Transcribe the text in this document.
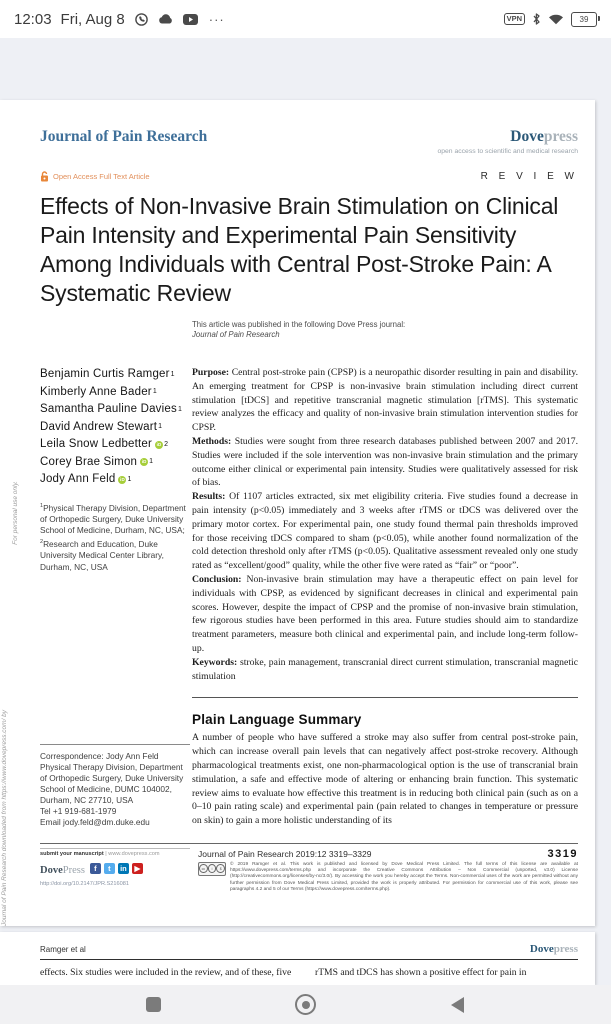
12:03 Fri, Aug 8	···	VPN	39
Journal of Pain Research downloaded from https://www.dovepress.com/ by
For personal use only.
Journal of Pain Research	Dovepress
open access to scientific and medical research
Open Access Full Text Article	R E V I E W
Effects of Non-Invasive Brain Stimulation on Clinical Pain Intensity and Experimental Pain Sensitivity Among Individuals with Central Post-Stroke Pain: A Systematic Review
This article was published in the following Dove Press journal:
Journal of Pain Research
Benjamin Curtis Ramger 1
Kimberly Anne Bader 1
Samantha Pauline Davies 1
David Andrew Stewart 1
Leila Snow Ledbetter	iD 2
Corey Brae Simon	iD 1
Jody Ann Feld	iD 1
$^1$Physical Therapy Division, Department of Orthopedic Surgery, Duke University School of Medicine, Durham, NC, USA; $^2$Research and Education, Duke University Medical Center Library, Durham, NC, USA
Correspondence: Jody Ann Feld
Physical Therapy Division, Department of Orthopedic Surgery, Duke University School of Medicine, DUMC 104002, Durham, NC 27710, USA
Tel +1 919-681-1979
Email jody.feld@dm.duke.edu

Purpose: Central post-stroke pain (CPSP) is a neuropathic disorder resulting in pain and disability. An emerging treatment for CPSP is non-invasive brain stimulation including direct current stimulation [tDCS] and repetitive transcranial magnetic stimulation [rTMS]. This systematic review analyzes the efficacy and quality of non-invasive brain stimulation intervention studies for CPSP.

Methods: Studies were sought from three research databases published between 2007 and 2017. Studies were included if the sole intervention was non-invasive brain stimulation and the primary outcome either clinical or experimental pain intensity. Studies were qualitatively assessed for risk of bias.

Results: Of 1107 articles extracted, six met eligibility criteria. Five studies found a decrease in pain intensity (p<0.05) immediately and 3 weeks after rTMS or tDCS was delivered over the primary motor cortex. For experimental pain, one study found thermal pain thresholds improved for those receiving tDCS compared to sham (p<0.05), while another found normalization of the cold detection threshold only after rTMS (p<0.05). Qualitative assessment revealed only one study rated as “excellent/good” quality, while the other five were rated as “fair” or “poor”.

Conclusion: Non-invasive brain stimulation may have a therapeutic effect on pain level for individuals with CPSP, as evidenced by significant decreases in clinical and experimental pain scores. However, despite the impact of CPSP and the promise of non-invasive brain stimulation, few rigorous studies have been performed in this area. Future studies should aim to standardize treatment parameters, measure both clinical and experimental pain, and include long-term follow-up.

Keywords: stroke, pain management, transcranial direct current stimulation, transcranial magnetic stimulation

Plain Language Summary
A number of people who have suffered a stroke may also suffer from central post-stroke pain, which can increase overall pain levels that can negatively affect post-stroke recovery. Although pharmacological treatments exist, one non-pharmacological option is the use of transcranial brain stimulation, a safe and effective mode of altering or enhancing brain function. This systematic review aims to evaluate how effective this treatment is in reducing both clinical pain (such as on a 0–10 pain rating scale) and experimental pain (pain related to changes in temperature or pressure on skin) to gain a more holistic understanding of its
submit your manuscript | www.dovepress.com
DovePress	f	t	in	▶
http://doi.org/10.2147/JPR.S216081
Journal of Pain Research 2019:12 3319–3329	3319
cc	i	$
© 2019 Ramger et al. This work is published and licensed by Dove Medical Press Limited. The full terms of this license are available at https://www.dovepress.com/terms.php and incorporate the Creative Commons Attribution – Non Commercial (unported, v3.0) License (http://creativecommons.org/licenses/by-nc/3.0/). By accessing the work you hereby accept the Terms. Non-commercial uses of the work are permitted without any further permission from Dove Medical Press Limited, provided the work is properly attributed. For permission for commercial use of this work, please see paragraphs 4.2 and 5 of our Terms (https://www.dovepress.com/terms.php).
Ramger et al	Dovepress
effects. Six studies were included in the review, and of these, five	rTMS and tDCS has shown a positive effect for pain in
